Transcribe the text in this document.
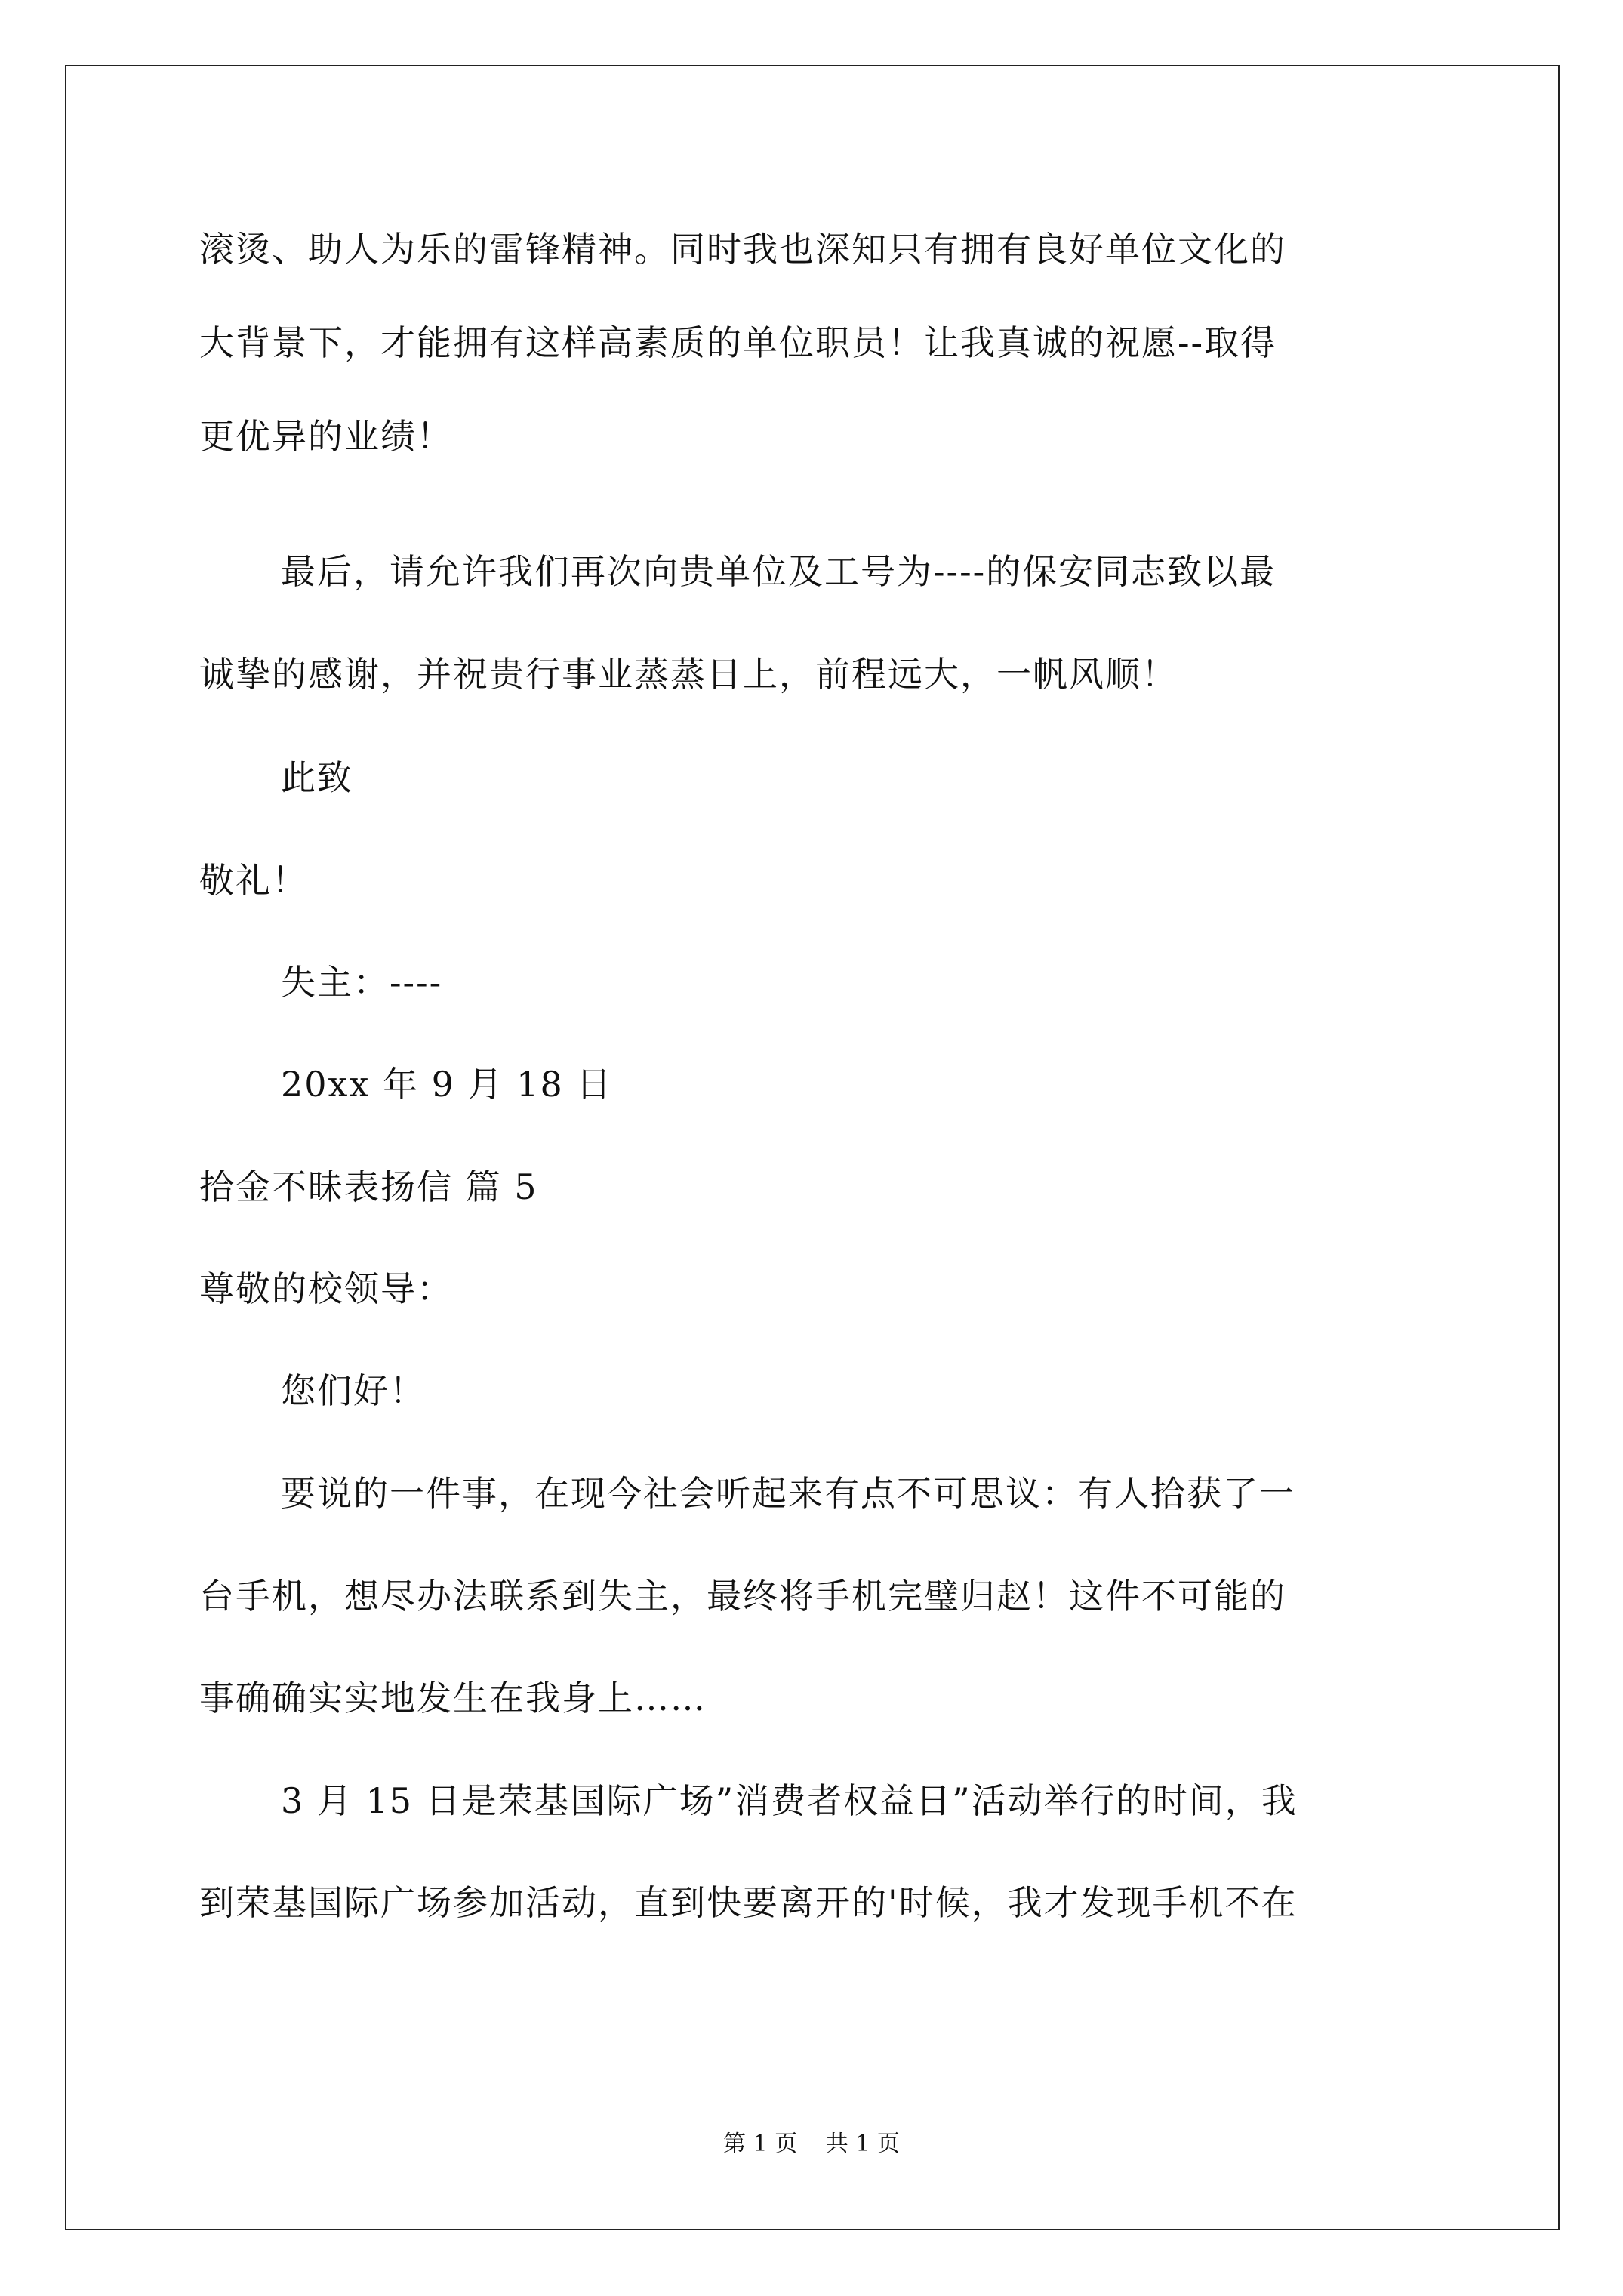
滚烫、助人为乐的雷锋精神。同时我也深知只有拥有良好单位文化的
大背景下，才能拥有这样高素质的单位职员！让我真诚的祝愿--取得
更优异的业绩！
最后，请允许我们再次向贵单位及工号为----的保安同志致以最
诚挚的感谢，并祝贵行事业蒸蒸日上，前程远大，一帆风顺！
此致
敬礼！
失主：----
20xx 年 9 月 18 日
拾金不昧表扬信 篇 5
尊敬的校领导：
您们好！
要说的一件事，在现今社会听起来有点不可思议：有人拾获了一
台手机，想尽办法联系到失主，最终将手机完璧归赵！这件不可能的
事确确实实地发生在我身上……
3 月 15 日是荣基国际广场”消费者权益日”活动举行的时间，我
到荣基国际广场参加活动，直到快要离开的'时候，我才发现手机不在
第 1 页 共 1 页
